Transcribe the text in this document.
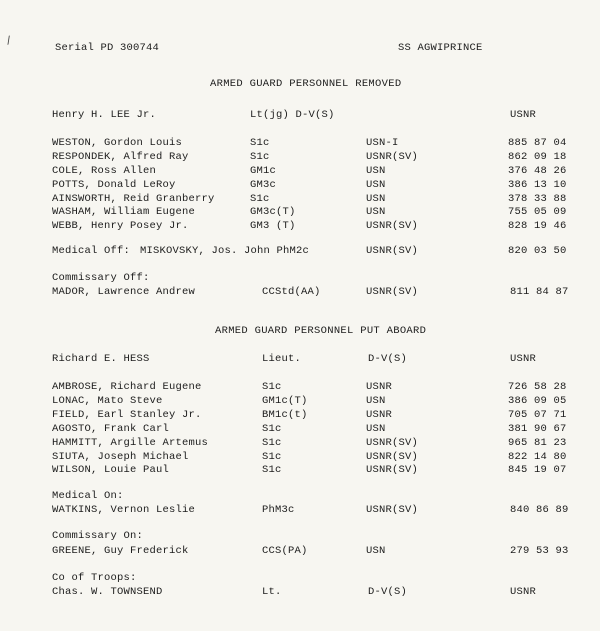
/	Serial PD 300744	SS AGWIPRINCE
ARMED GUARD PERSONNEL REMOVED
Henry H. LEE Jr.	Lt(jg) D-V(S)	USNR
WESTON, Gordon Louis	S1c	USN-I	885 87 04
RESPONDEK, Alfred Ray	S1c	USNR(SV)	862 09 18
COLE, Ross Allen	GM1c	USN	376 48 26
POTTS, Donald LeRoy	GM3c	USN	386 13 10
AINSWORTH, Reid Granberry	S1c	USN	378 33 88
WASHAM, William Eugene	GM3c(T)	USN	755 05 09
WEBB, Henry Posey Jr.	GM3 (T)	USNR(SV)	828 19 46
Medical Off: MISKOVSKY, Jos. John PhM2c	USNR(SV)	820 03 50
Commissary Off:
MADOR, Lawrence Andrew	CCStd(AA)	USNR(SV)	811 84 87
ARMED GUARD PERSONNEL PUT ABOARD
Richard E. HESS	Lieut.	D-V(S)	USNR
AMBROSE, Richard Eugene	S1c	USNR	726 58 28
LONAC, Mato Steve	GM1c(T)	USN	386 09 05
FIELD, Earl Stanley Jr.	BM1c(t)	USNR	705 07 71
AGOSTO, Frank Carl	S1c	USN	381 90 67
HAMMITT, Argille Artemus	S1c	USNR(SV)	965 81 23
SIUTA, Joseph Michael	S1c	USNR(SV)	822 14 80
WILSON, Louie Paul	S1c	USNR(SV)	845 19 07
Medical On:
WATKINS, Vernon Leslie	PhM3c	USNR(SV)	840 86 89
Commissary On:
GREENE, Guy Frederick	CCS(PA)	USN	279 53 93
Co of Troops:
Chas. W. TOWNSEND	Lt.	D-V(S)	USNR
